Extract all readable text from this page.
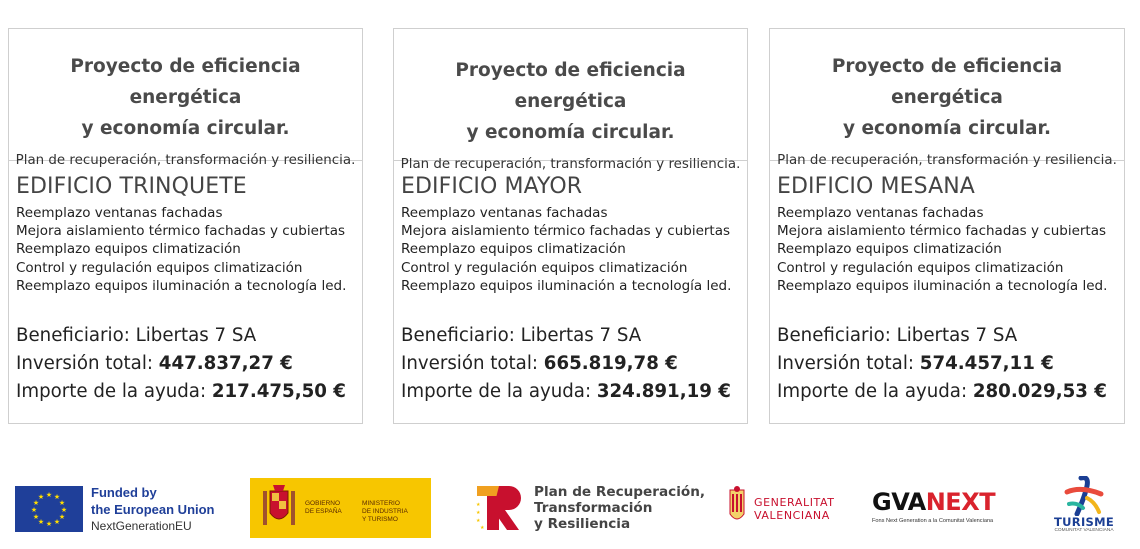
Proyecto de eficiencia energética
y economía circular.
Plan de recuperación, transformación y resiliencia.
EDIFICIO TRINQUETE
Reemplazo ventanas fachadas
Mejora aislamiento térmico fachadas y cubiertas
Reemplazo equipos climatización
Control y regulación equipos climatización
Reemplazo equipos iluminación a tecnología led.
Beneficiario: Libertas 7 SA
Inversión total: 447.837,27 €
Importe de la ayuda: 217.475,50 €
Proyecto de eficiencia energética
y economía circular.
Plan de recuperación, transformación y resiliencia.
EDIFICIO MAYOR
Reemplazo ventanas fachadas
Mejora aislamiento térmico fachadas y cubiertas
Reemplazo equipos climatización
Control y regulación equipos climatización
Reemplazo equipos iluminación a tecnología led.
Beneficiario: Libertas 7 SA
Inversión total: 665.819,78 €
Importe de la ayuda: 324.891,19 €
Proyecto de eficiencia energética
y economía circular.
Plan de recuperación, transformación y resiliencia.
EDIFICIO MESANA
Reemplazo ventanas fachadas
Mejora aislamiento térmico fachadas y cubiertas
Reemplazo equipos climatización
Control y regulación equipos climatización
Reemplazo equipos iluminación a tecnología led.
Beneficiario: Libertas 7 SA
Inversión total: 574.457,11 €
Importe de la ayuda: 280.029,53 €
★ ★
★
★
★
★
★
★
★
★
★
★	Funded by
the European Union
NextGenerationEU
GOBIERNO
DE ESPAÑA
MINISTERIO
DE INDUSTRIA
Y TURISMO
★
★
★
★
Plan de Recuperación,
Transformación
y Resiliencia
GENERALITAT
VALENCIANA GVANEXT
Fons Next Generation a la Comunitat Valenciana	TURISME
COMUNITAT VALENCIANA
